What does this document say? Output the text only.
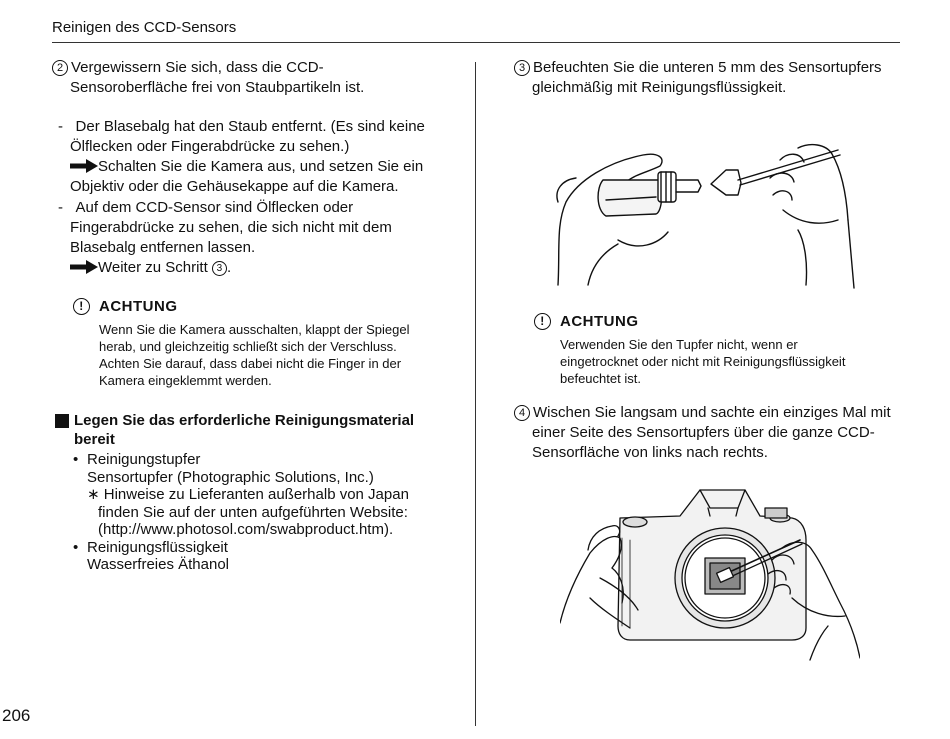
Reinigen des CCD-Sensors
206
2 Vergewissern Sie sich, dass die CCD-
Sensoroberfläche frei von Staubpartikeln ist.
- Der Blasebalg hat den Staub entfernt. (Es sind keine
Ölflecken oder Fingerabdrücke zu sehen.)
Schalten Sie die Kamera aus, und setzen Sie ein
Objektiv oder die Gehäusekappe auf die Kamera.
- Auf dem CCD-Sensor sind Ölflecken oder
Fingerabdrücke zu sehen, die sich nicht mit dem
Blasebalg entfernen lassen.
Weiter zu Schritt 3 .
!	ACHTUNG
Wenn Sie die Kamera ausschalten, klappt der Spiegel
herab, und gleichzeitig schließt sich der Verschluss.
Achten Sie darauf, dass dabei nicht die Finger in der
Kamera eingeklemmt werden.
Legen Sie das erforderliche Reinigungsmaterial
bereit
• Reinigungstupfer
Sensortupfer (Photographic Solutions, Inc.)
∗ Hinweise zu Lieferanten außerhalb von Japan
finden Sie auf der unten aufgeführten Website:
(http://www.photosol.com/swabproduct.htm).
• Reinigungsflüssigkeit
Wasserfreies Äthanol
3 Befeuchten Sie die unteren 5 mm des Sensortupfers
gleichmäßig mit Reinigungsflüssigkeit.
!	ACHTUNG
Verwenden Sie den Tupfer nicht, wenn er
eingetrocknet oder nicht mit Reinigungsflüssigkeit
befeuchtet ist.
4 Wischen Sie langsam und sachte ein einziges Mal mit
einer Seite des Sensortupfers über die ganze CCD-
Sensorfläche von links nach rechts.
